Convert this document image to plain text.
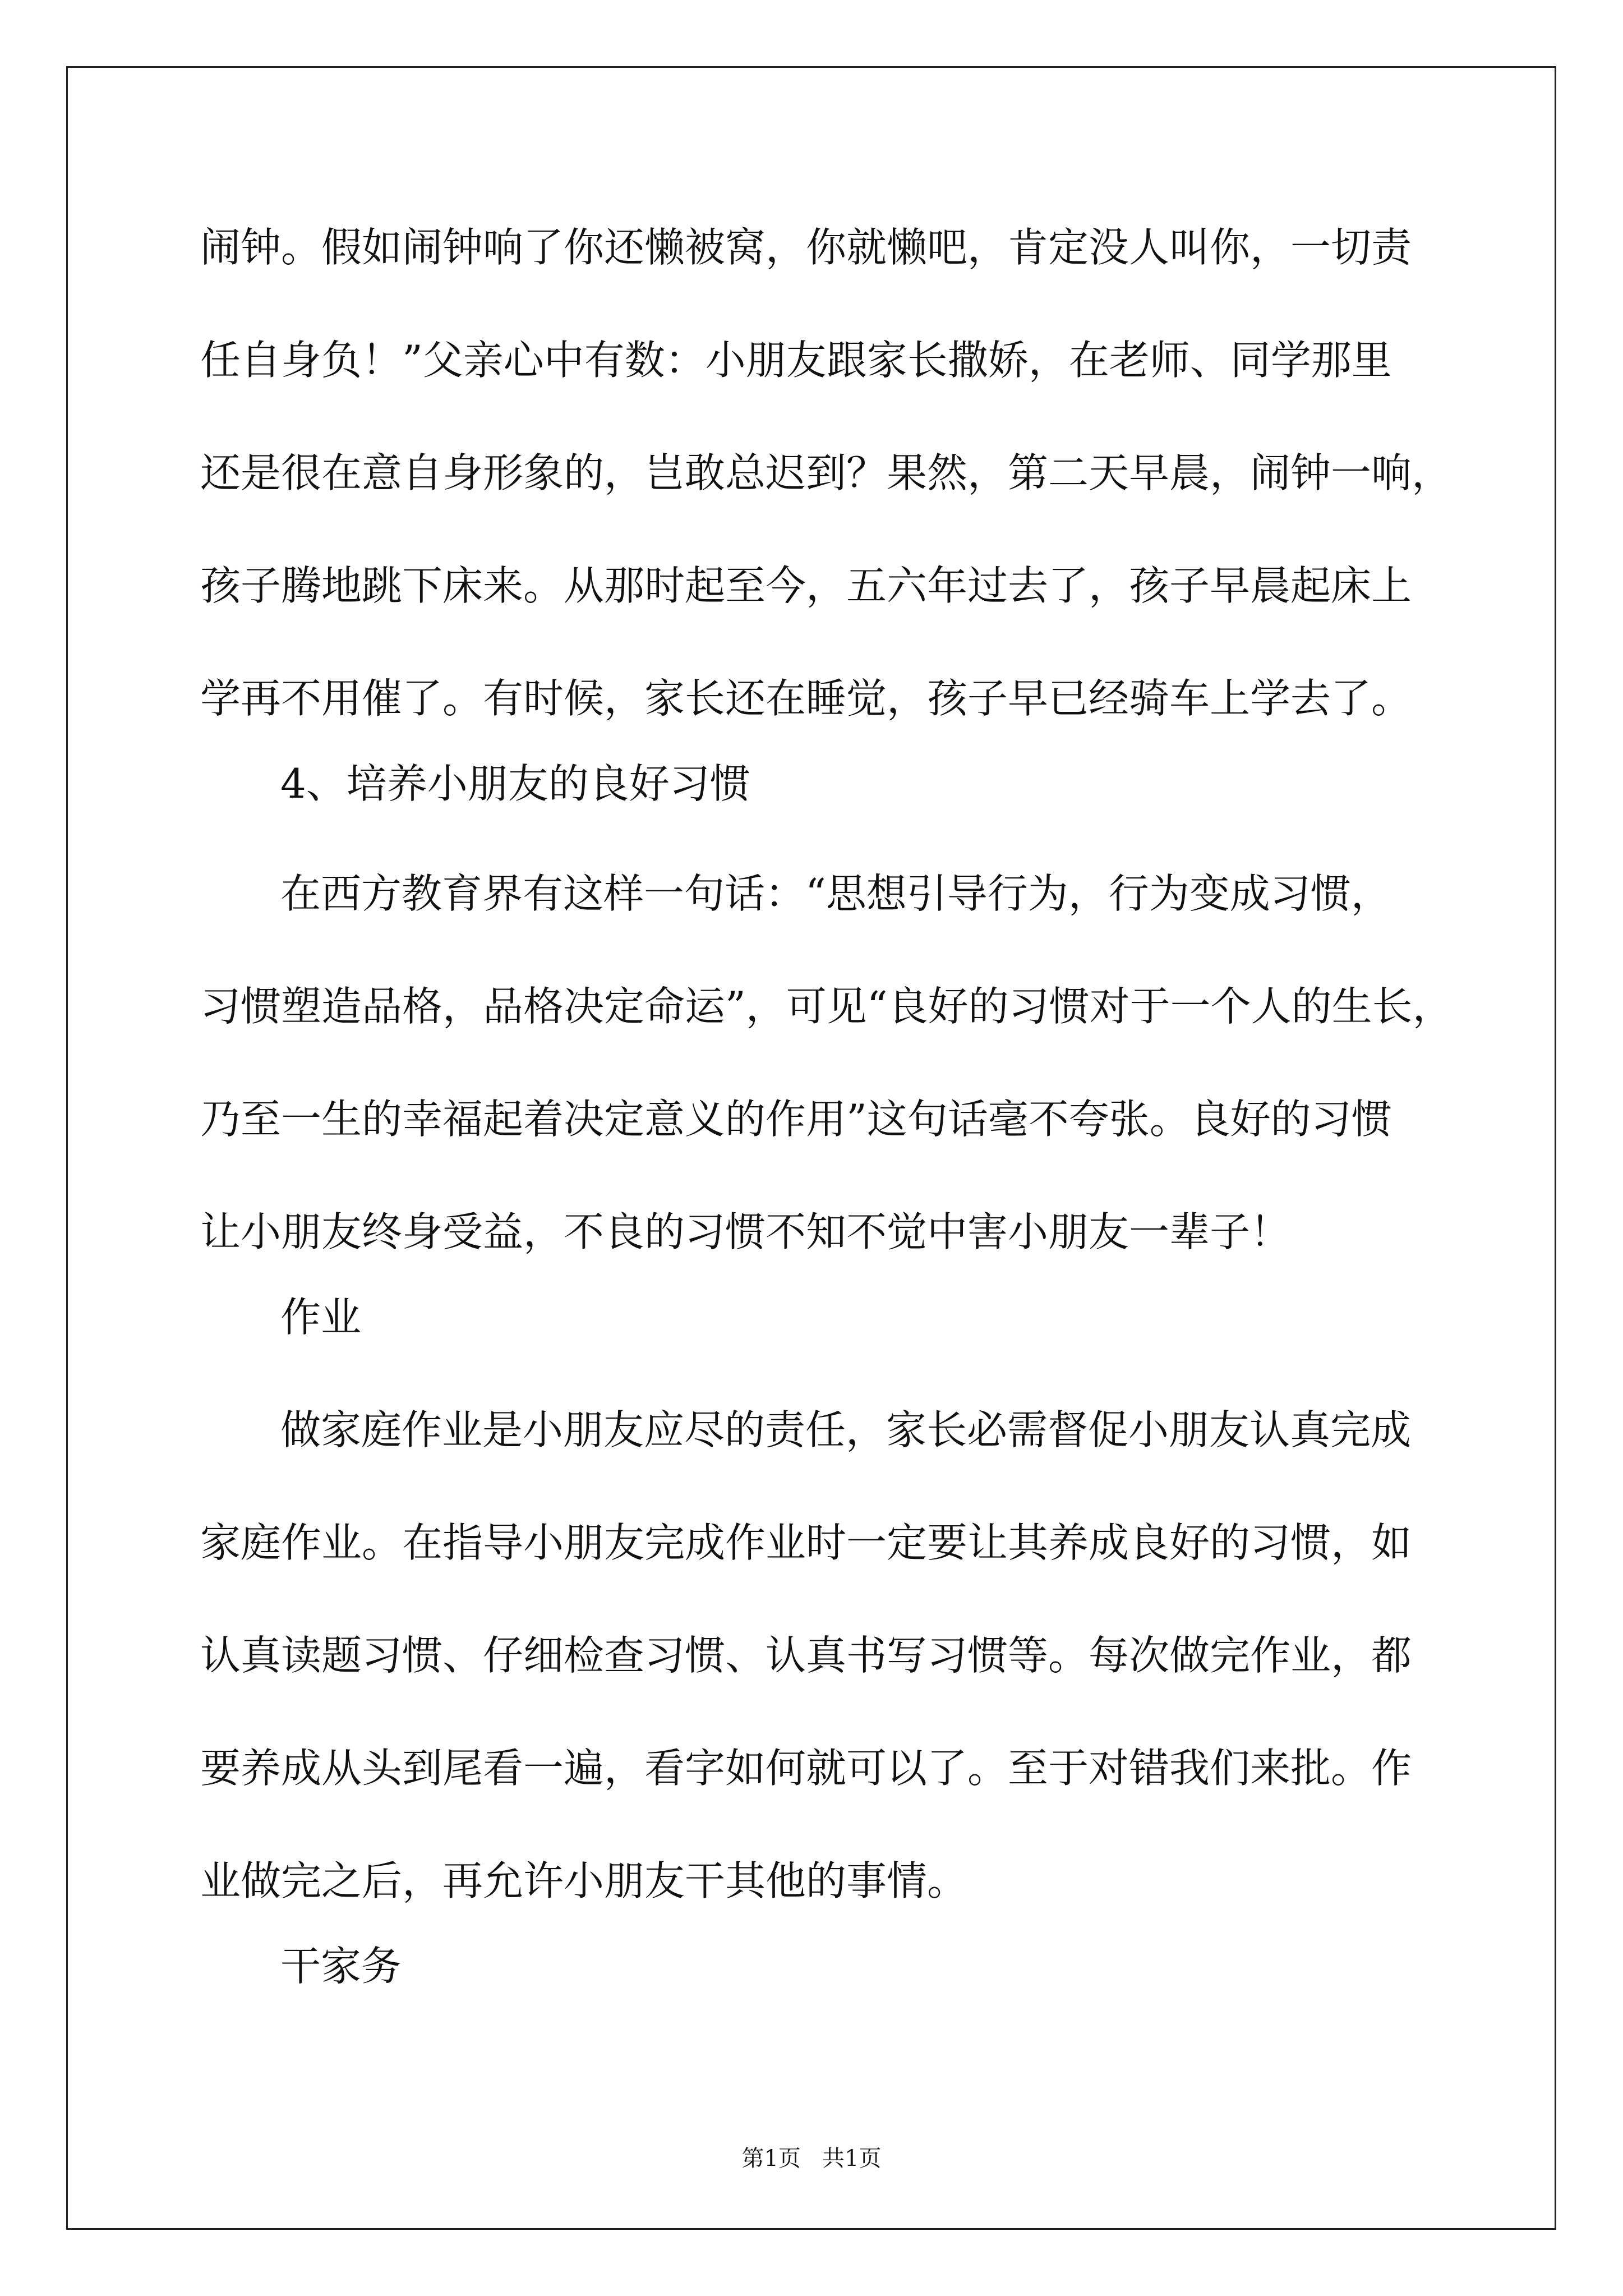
闹钟。假如闹钟响了你还懒被窝，你就懒吧，肯定没人叫你，一切责
任自身负！”父亲心中有数：小朋友跟家长撒娇，在老师、同学那里
还是很在意自身形象的，岂敢总迟到？果然，第二天早晨，闹钟一响，
孩子腾地跳下床来。从那时起至今，五六年过去了，孩子早晨起床上
学再不用催了。有时候，家长还在睡觉，孩子早已经骑车上学去了。
4、培养小朋友的良好习惯
在西方教育界有这样一句话：“思想引导行为，行为变成习惯，
习惯塑造品格，品格决定命运”，可见“良好的习惯对于一个人的生长，
乃至一生的幸福起着决定意义的作用”这句话毫不夸张。良好的习惯
让小朋友终身受益，不良的习惯不知不觉中害小朋友一辈子！
作业
做家庭作业是小朋友应尽的责任，家长必需督促小朋友认真完成
家庭作业。在指导小朋友完成作业时一定要让其养成良好的习惯，如
认真读题习惯、仔细检查习惯、认真书写习惯等。每次做完作业，都
要养成从头到尾看一遍，看字如何就可以了。至于对错我们来批。作
业做完之后，再允许小朋友干其他的事情。
干家务
第1页   共1页
